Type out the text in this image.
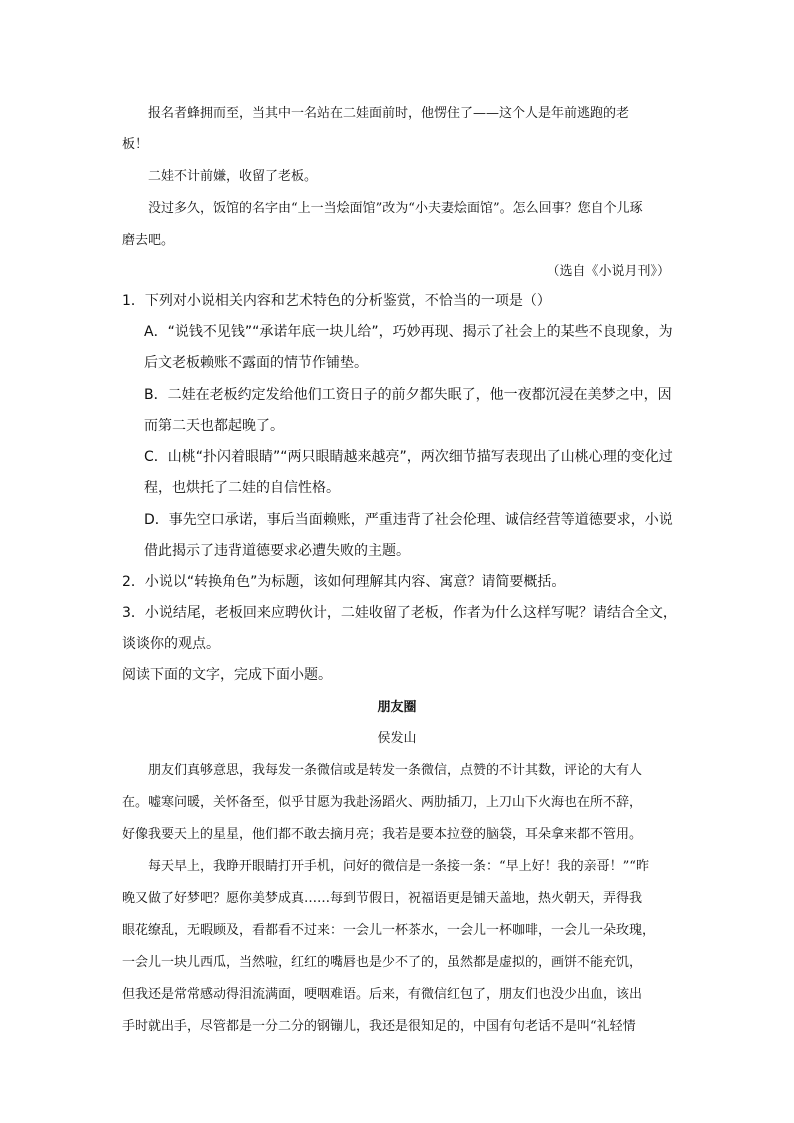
报名者蜂拥而至，当其中一名站在二娃面前时，他愣住了——这个人是年前逃跑的老
板！
二娃不计前嫌，收留了老板。
没过多久，饭馆的名字由“上一当烩面馆”改为“小夫妻烩面馆”。怎么回事？您自个儿琢
磨去吧。
（选自《小说月刊》）
1．下列对小说相关内容和艺术特色的分析鉴赏，不恰当的一项是（）
A．“说钱不见钱”“承诺年底一块儿给”，巧妙再现、揭示了社会上的某些不良现象，为
后文老板赖账不露面的情节作铺垫。
B．二娃在老板约定发给他们工资日子的前夕都失眠了，他一夜都沉浸在美梦之中，因
而第二天也都起晚了。
C．山桃“扑闪着眼睛”“两只眼睛越来越亮”，两次细节描写表现出了山桃心理的变化过
程，也烘托了二娃的自信性格。
D．事先空口承诺，事后当面赖账，严重违背了社会伦理、诚信经营等道德要求，小说
借此揭示了违背道德要求必遭失败的主题。
2．小说以“转换角色”为标题，该如何理解其内容、寓意？请简要概括。
3．小说结尾，老板回来应聘伙计，二娃收留了老板，作者为什么这样写呢？请结合全文，
谈谈你的观点。
阅读下面的文字，完成下面小题。
朋友圈
侯发山
朋友们真够意思，我每发一条微信或是转发一条微信，点赞的不计其数，评论的大有人
在。嘘寒问暖，关怀备至，似乎甘愿为我赴汤蹈火、两肋插刀，上刀山下火海也在所不辞，
好像我要天上的星星，他们都不敢去摘月亮；我若是要本拉登的脑袋，耳朵拿来都不管用。
每天早上，我睁开眼睛打开手机，问好的微信是一条接一条：“早上好！我的亲哥！”“昨
晚又做了好梦吧？愿你美梦成真……每到节假日，祝福语更是铺天盖地，热火朝天，弄得我
眼花缭乱，无暇顾及，看都看不过来：一会儿一杯茶水，一会儿一杯咖啡，一会儿一朵玫瑰，
一会儿一块儿西瓜，当然啦，红红的嘴唇也是少不了的，虽然都是虚拟的，画饼不能充饥，
但我还是常常感动得泪流满面，哽咽难语。后来，有微信红包了，朋友们也没少出血，该出
手时就出手，尽管都是一分二分的钢镚儿，我还是很知足的，中国有句老话不是叫“礼轻情
